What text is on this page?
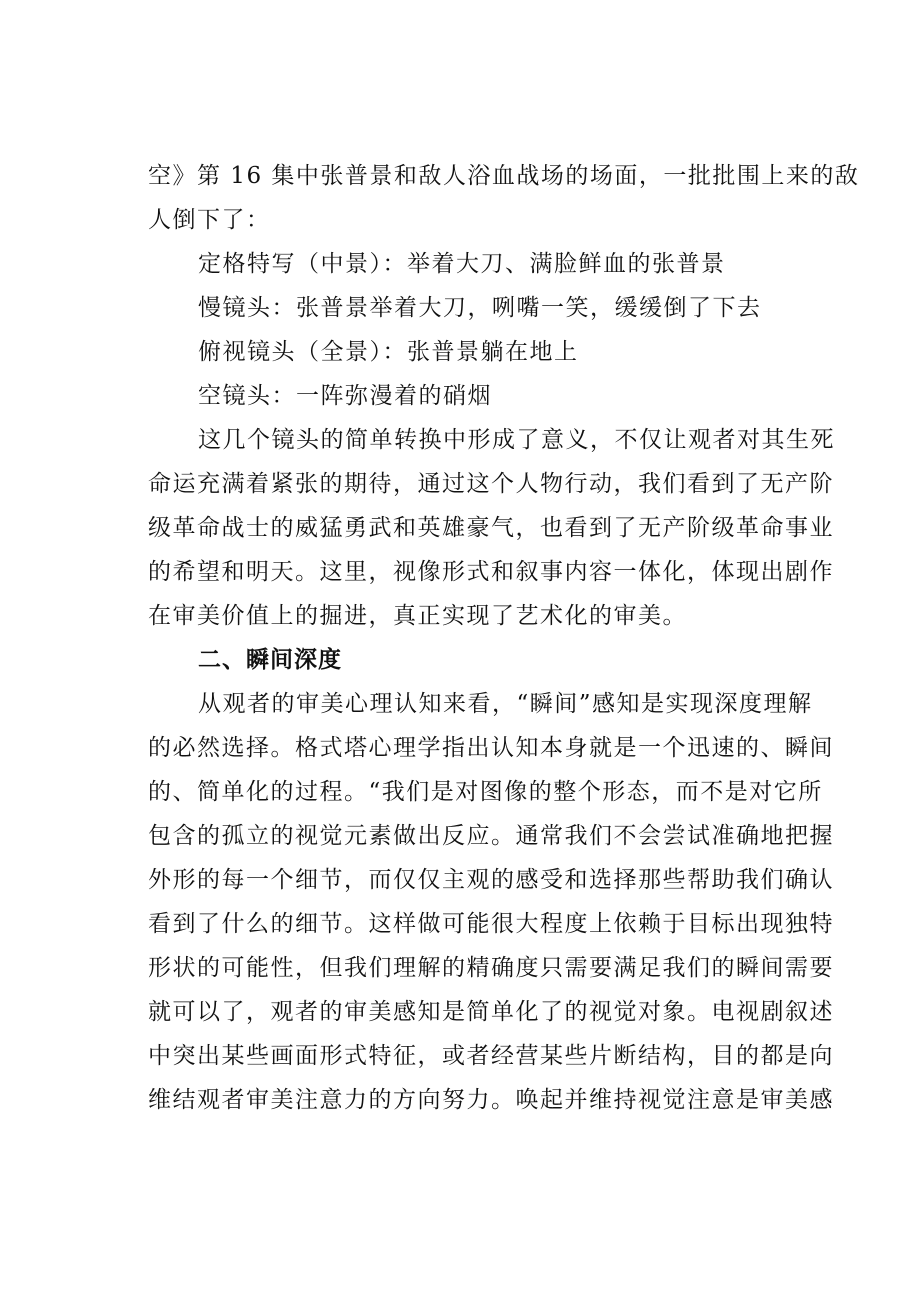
空》第 16 集中张普景和敌人浴血战场的场面，一批批围上来的敌
人倒下了：
定格特写（中景）：举着大刀、满脸鲜血的张普景
慢镜头：张普景举着大刀，咧嘴一笑，缓缓倒了下去
俯视镜头（全景）：张普景躺在地上
空镜头：一阵弥漫着的硝烟
这几个镜头的简单转换中形成了意义，不仅让观者对其生死
命运充满着紧张的期待，通过这个人物行动，我们看到了无产阶
级革命战士的威猛勇武和英雄豪气，也看到了无产阶级革命事业
的希望和明天。这里，视像形式和叙事内容一体化，体现出剧作
在审美价值上的掘进，真正实现了艺术化的审美。
二、瞬间深度
从观者的审美心理认知来看，“瞬间”感知是实现深度理解
的必然选择。格式塔心理学指出认知本身就是一个迅速的、瞬间
的、简单化的过程。“我们是对图像的整个形态，而不是对它所
包含的孤立的视觉元素做出反应。通常我们不会尝试准确地把握
外形的每一个细节，而仅仅主观的感受和选择那些帮助我们确认
看到了什么的细节。这样做可能很大程度上依赖于目标出现独特
形状的可能性，但我们理解的精确度只需要满足我们的瞬间需要
就可以了，观者的审美感知是简单化了的视觉对象。电视剧叙述
中突出某些画面形式特征，或者经营某些片断结构，目的都是向
维结观者审美注意力的方向努力。唤起并维持视觉注意是审美感
